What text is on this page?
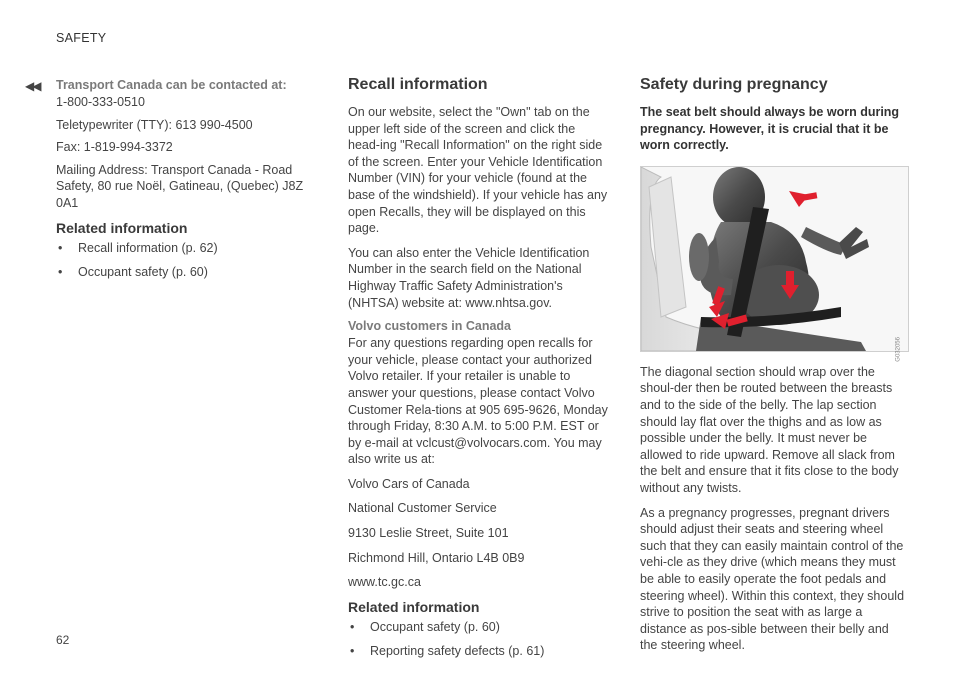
SAFETY
◀◀
62
Transport Canada can be contacted at:

1-800-333-0510

Teletypewriter (TTY): 613 990-4500

Fax: 1-819-994-3372

Mailing Address: Transport Canada - Road Safety, 80 rue Noël, Gatineau, (Quebec) J8Z 0A1

Related information
• Recall information (p. 62)
• Occupant safety (p. 60)
Recall information

On our website, select the "Own" tab on the upper left side of the screen and click the head-ing "Recall Information" on the right side of the screen. Enter your Vehicle Identification Number (VIN) for your vehicle (found at the base of the windshield). If your vehicle has any open Recalls, they will be displayed on this page.

You can also enter the Vehicle Identification Number in the search field on the National Highway Traffic Safety Administration's (NHTSA) website at: www.nhtsa.gov.

Volvo customers in Canada

For any questions regarding open recalls for your vehicle, please contact your authorized Volvo retailer. If your retailer is unable to answer your questions, please contact Volvo Customer Rela-tions at 905 695-9626, Monday through Friday, 8:30 A.M. to 5:00 P.M. EST or by e-mail at vclcust@volvocars.com. You may also write us at:

Volvo Cars of Canada

National Customer Service

9130 Leslie Street, Suite 101

Richmond Hill, Ontario L4B 0B9

www.tc.gc.ca

Related information
• Occupant safety (p. 60)
• Reporting safety defects (p. 61)
Safety during pregnancy

The seat belt should always be worn during pregnancy. However, it is crucial that it be worn correctly.

G032056

The diagonal section should wrap over the shoul-der then be routed between the breasts and to the side of the belly. The lap section should lay flat over the thighs and as low as possible under the belly. It must never be allowed to ride upward. Remove all slack from the belt and ensure that it fits close to the body without any twists.

As a pregnancy progresses, pregnant drivers should adjust their seats and steering wheel such that they can easily maintain control of the vehi-cle as they drive (which means they must be able to easily operate the foot pedals and steering wheel). Within this context, they should strive to position the seat with as large a distance as pos-sible between their belly and the steering wheel.
